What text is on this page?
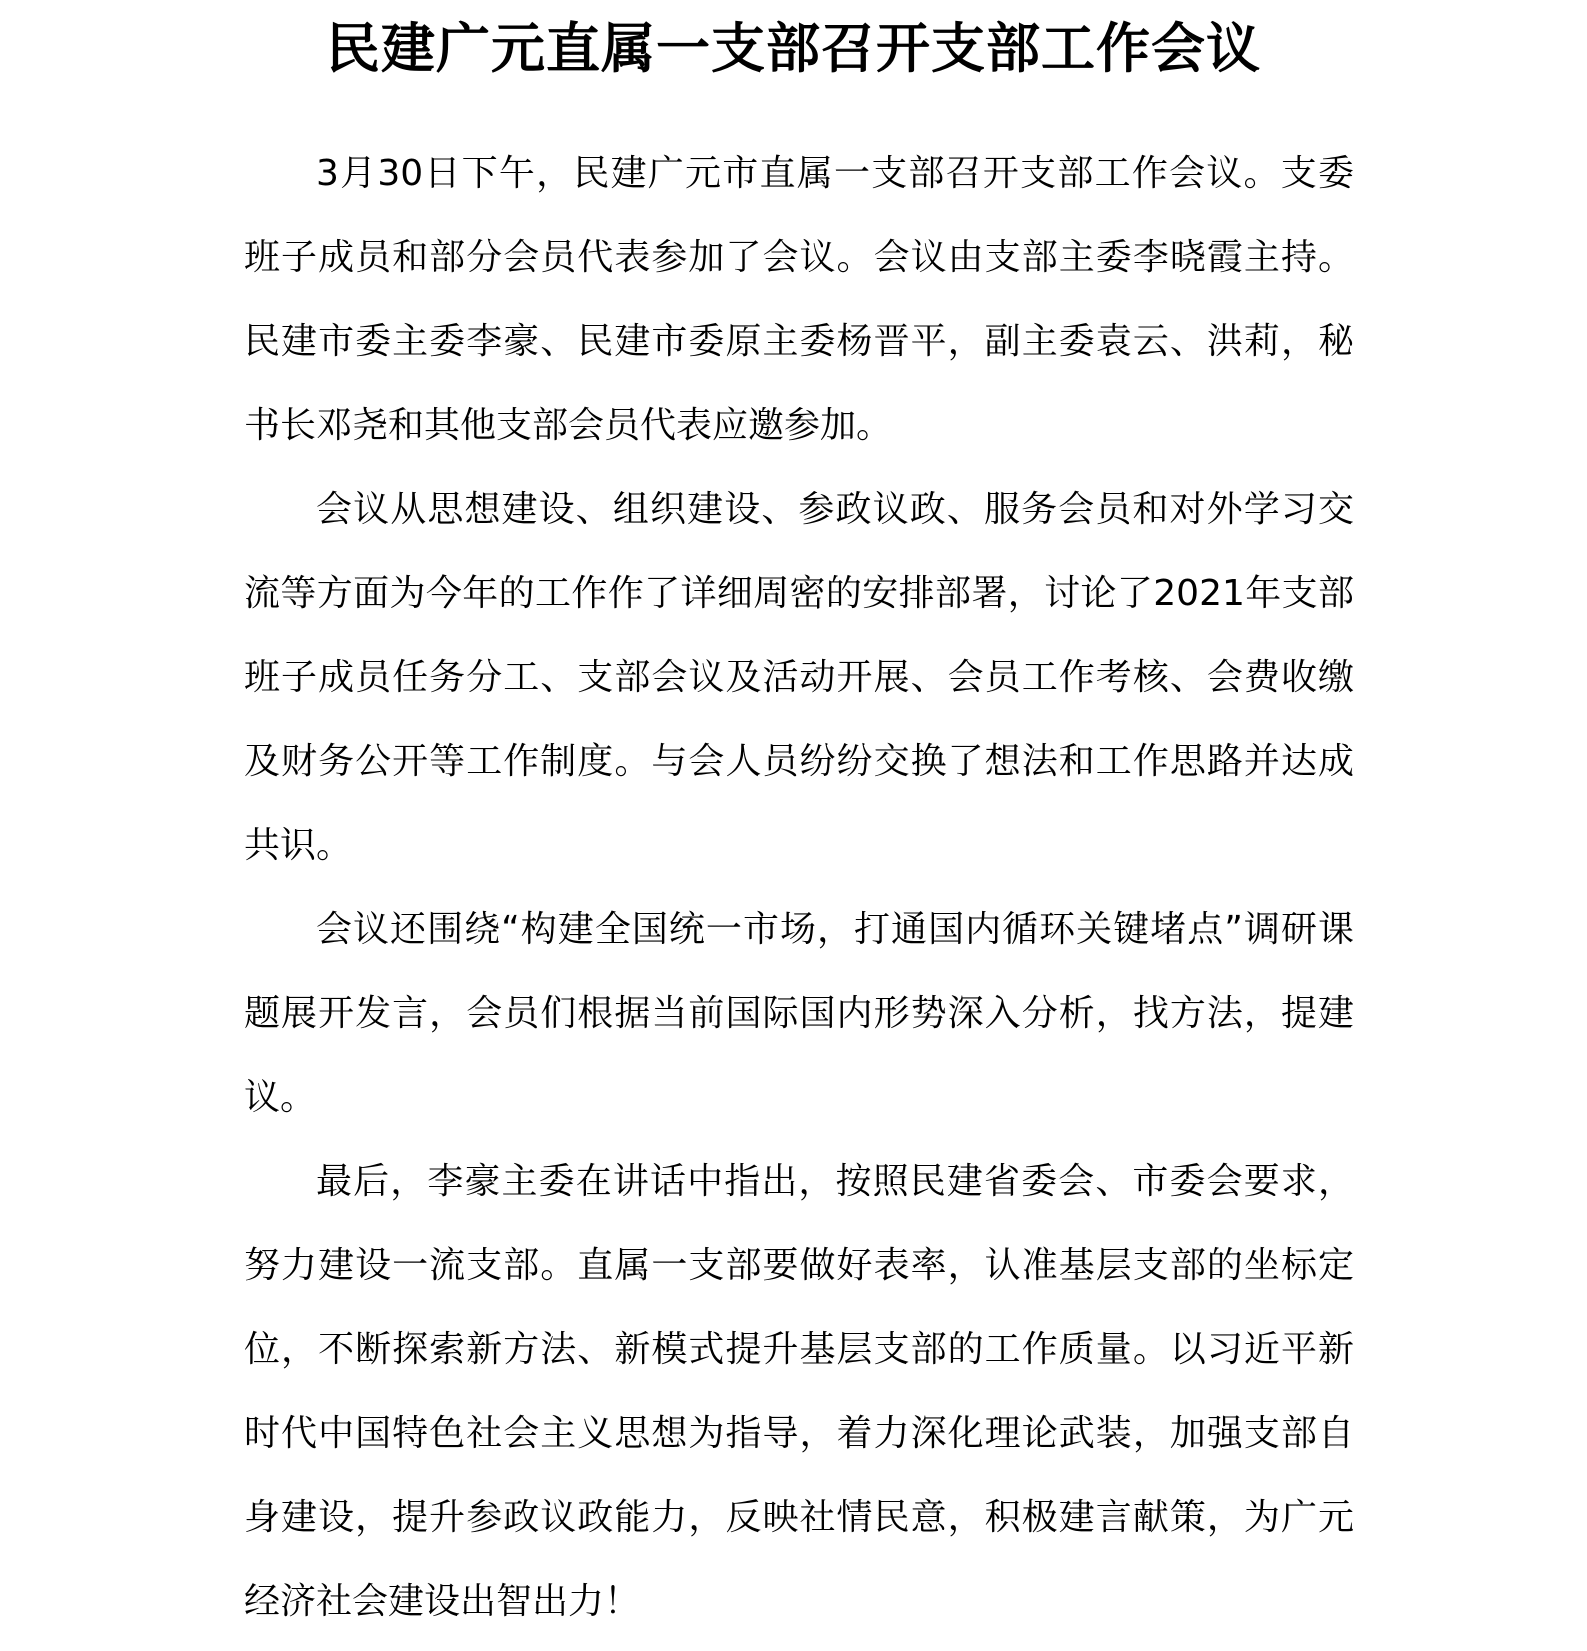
民建广元直属一支部召开支部工作会议

3月30日下午，民建广元市直属一支部召开支部工作会议。支委班子成员和部分会员代表参加了会议。会议由支部主委李晓霞主持。民建市委主委李豪、民建市委原主委杨晋平，副主委袁云、洪莉，秘书长邓尧和其他支部会员代表应邀参加。

会议从思想建设、组织建设、参政议政、服务会员和对外学习交流等方面为今年的工作作了详细周密的安排部署，讨论了2021年支部班子成员任务分工、支部会议及活动开展、会员工作考核、会费收缴及财务公开等工作制度。与会人员纷纷交换了想法和工作思路并达成共识。

会议还围绕“构建全国统一市场，打通国内循环关键堵点”调研课题展开发言，会员们根据当前国际国内形势深入分析，找方法，提建议。

最后，李豪主委在讲话中指出，按照民建省委会、市委会要求，努力建设一流支部。直属一支部要做好表率，认准基层支部的坐标定位，不断探索新方法、新模式提升基层支部的工作质量。以习近平新时代中国特色社会主义思想为指导，着力深化理论武装，加强支部自身建设，提升参政议政能力，反映社情民意，积极建言献策，为广元经济社会建设出智出力！
